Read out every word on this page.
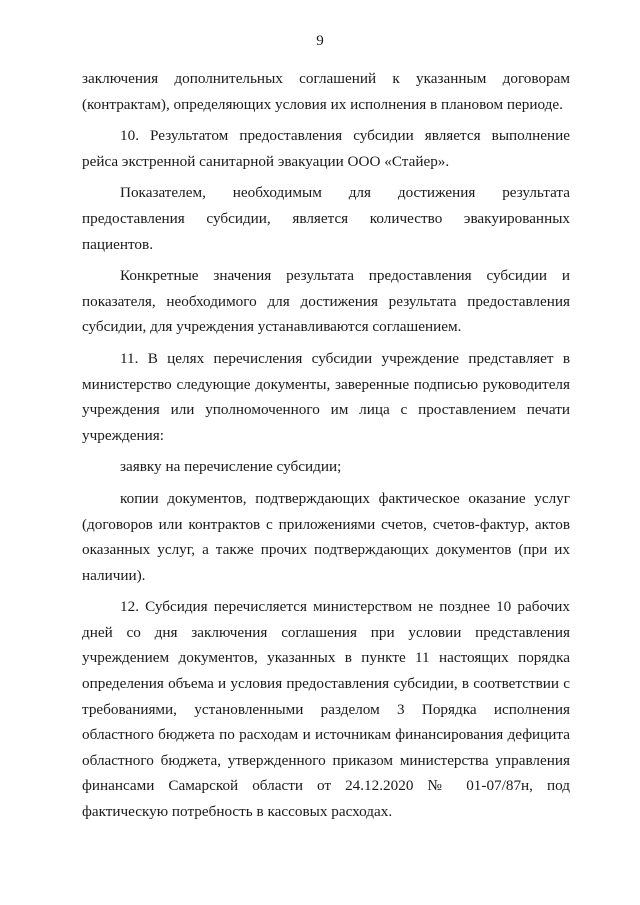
9

заключения дополнительных соглашений к указанным договорам (контрактам), определяющих условия их исполнения в плановом периоде.

10. Результатом предоставления субсидии является выполнение рейса экстренной санитарной эвакуации ООО «Стайер».

Показателем, необходимым для достижения результата предоставления субсидии, является количество эвакуированных пациентов.

Конкретные значения результата предоставления субсидии и показателя, необходимого для достижения результата предоставления субсидии, для учреждения устанавливаются соглашением.

11. В целях перечисления субсидии учреждение представляет в министерство следующие документы, заверенные подписью руководителя учреждения или уполномоченного им лица с проставлением печати учреждения:

заявку на перечисление субсидии;

копии документов, подтверждающих фактическое оказание услуг (договоров или контрактов с приложениями счетов, счетов-фактур, актов оказанных услуг, а также прочих подтверждающих документов (при их наличии).

12. Субсидия перечисляется министерством не позднее 10 рабочих дней со дня заключения соглашения при условии представления учреждением документов, указанных в пункте 11 настоящих порядка определения объема и условия предоставления субсидии, в соответствии с требованиями, установленными разделом 3 Порядка исполнения областного бюджета по расходам и источникам финансирования дефицита областного бюджета, утвержденного приказом министерства управления финансами Самарской области от 24.12.2020 № 01-07/87н, под фактическую потребность в кассовых расходах.
